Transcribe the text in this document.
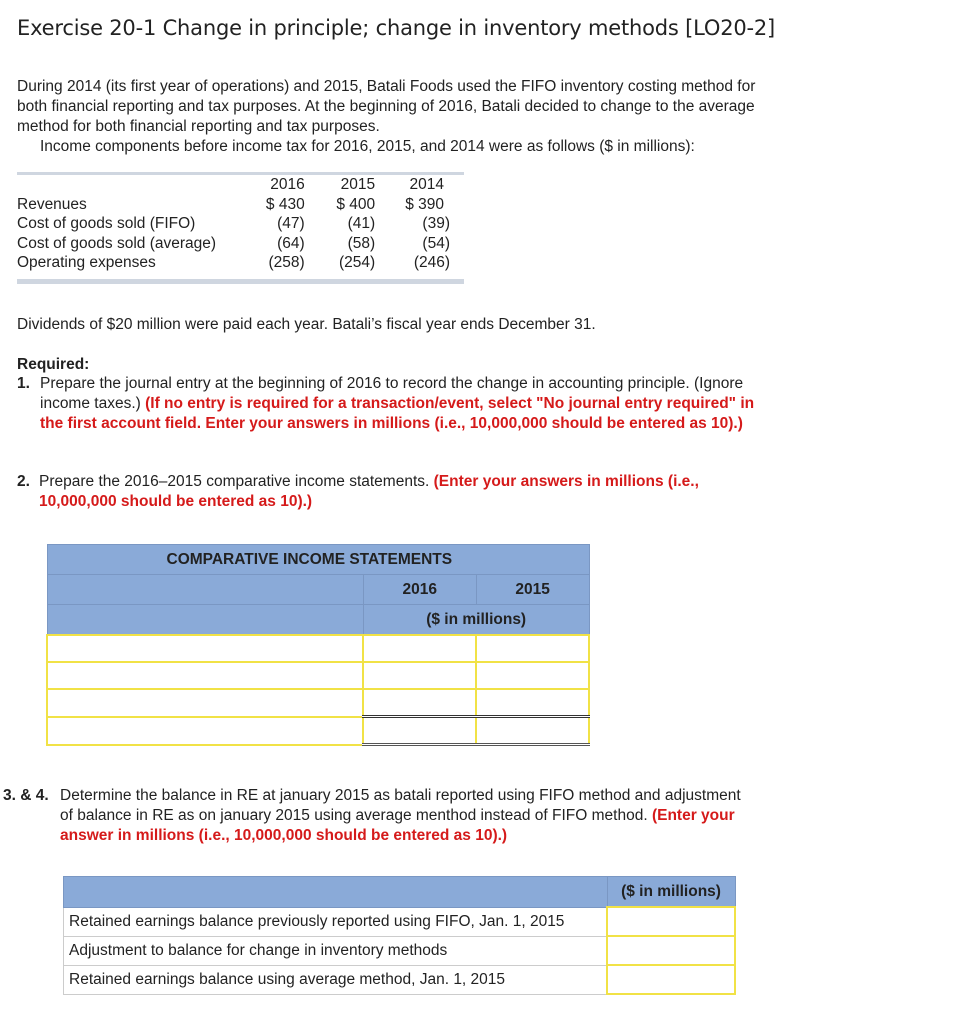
Exercise 20-1 Change in principle; change in inventory methods [LO20-2]
During 2014 (its first year of operations) and 2015, Batali Foods used the FIFO inventory costing method for
both financial reporting and tax purposes. At the beginning of 2016, Batali decided to change to the average
method for both financial reporting and tax purposes.
Income components before income tax for 2016, 2015, and 2014 were as follows ($ in millions):
	2016	2015	2014
Revenues	$ 430	$ 400	$ 390
Cost of goods sold (FIFO)	(47)	(41)	(39)
Cost of goods sold (average)	(64)	(58)	(54)
Operating expenses	(258)	(254)	(246)
Dividends of $20 million were paid each year. Batali’s fiscal year ends December 31.
Required:
1. Prepare the journal entry at the beginning of 2016 to record the change in accounting principle. (Ignore
income taxes.) (If no entry is required for a transaction/event, select "No journal entry required" in
the first account field. Enter your answers in millions (i.e., 10,000,000 should be entered as 10).)
2. Prepare the 2016–2015 comparative income statements. (Enter your answers in millions (i.e.,
10,000,000 should be entered as 10).)
COMPARATIVE INCOME STATEMENTS		
	2016	2015
	($ in millions)	

3. & 4. Determine the balance in RE at january 2015 as batali reported using FIFO method and adjustment
of balance in RE as on january 2015 using average menthod instead of FIFO method. (Enter your
answer in millions (i.e., 10,000,000 should be entered as 10).)
	($ in millions)
Retained earnings balance previously reported using FIFO, Jan. 1, 2015	
Adjustment to balance for change in inventory methods	
Retained earnings balance using average method, Jan. 1, 2015	
